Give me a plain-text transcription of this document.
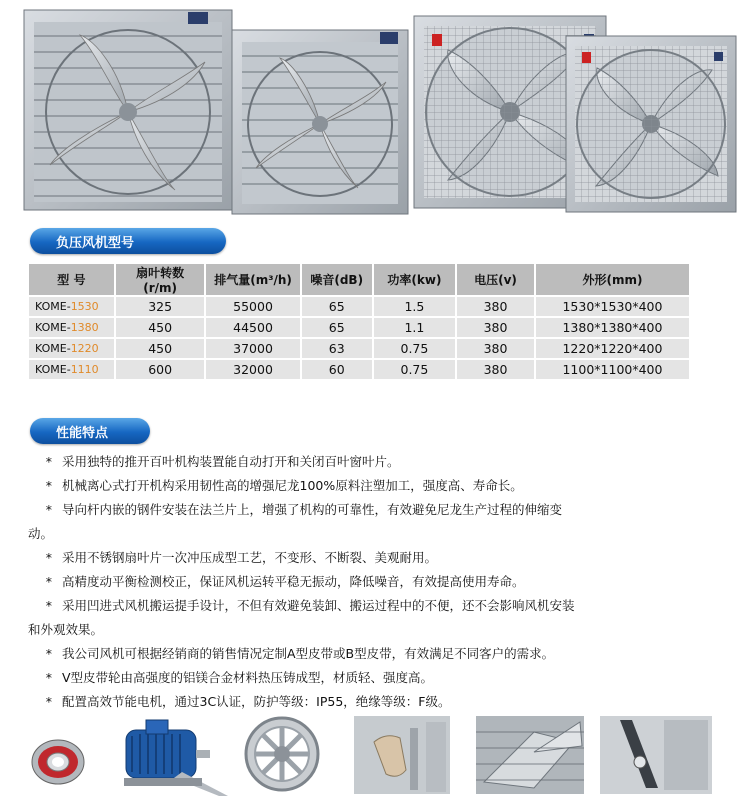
负压风机型号
型 号	扇叶转数(r/m)	排气量(m³/h)	噪音(dB)	功率(kw)	电压(v)	外形(mm)
KOME-1530	325	55000	65	1.5	380	1530*1530*400
KOME-1380	450	44500	65	1.1	380	1380*1380*400
KOME-1220	450	37000	63	0.75	380	1220*1220*400
KOME-1110	600	32000	60	0.75	380	1100*1100*400
性能特点
* 采用独特的推开百叶机构装置能自动打开和关闭百叶窗叶片。
* 机械离心式打开机构采用韧性高的增强尼龙100%原料注塑加工，强度高、寿命长。
* 导向杆内嵌的钢件安装在法兰片上，增强了机构的可靠性，有效避免尼龙生产过程的伸缩变
动。
* 采用不锈钢扇叶片一次冲压成型工艺，不变形、不断裂、美观耐用。
* 高精度动平衡检测校正，保证风机运转平稳无振动，降低噪音，有效提高使用寿命。
* 采用凹进式风机搬运提手设计，不但有效避免装卸、搬运过程中的不便，还不会影响风机安装
和外观效果。
* 我公司风机可根据经销商的销售情况定制A型皮带或B型皮带，有效满足不同客户的需求。
* V型皮带轮由高强度的铝镁合金材料热压铸成型，材质轻、强度高。
* 配置高效节能电机，通过3C认证，防护等级：IP55，绝缘等级：F级。
